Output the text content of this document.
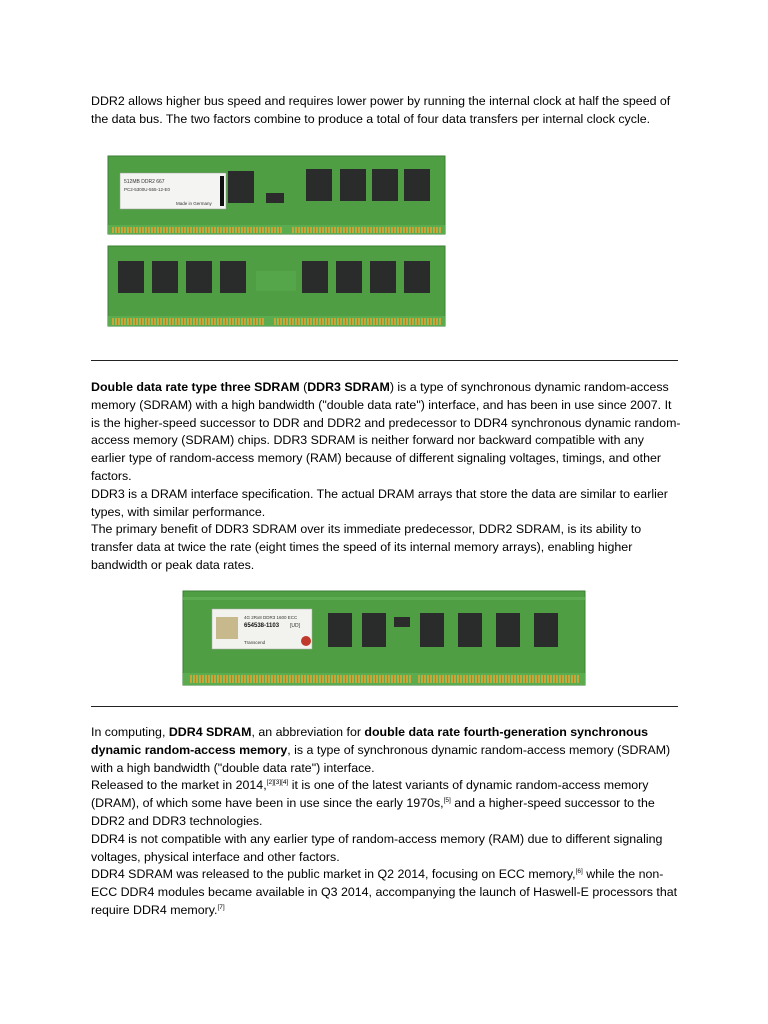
DDR2 allows higher bus speed and requires lower power by running the internal clock at half the speed of the data bus. The two factors combine to produce a total of four data transfers per internal clock cycle.

512MB DDR2 667
PC2-5300U-555-12-E0
Made in Germany

Double data rate type three SDRAM (DDR3 SDRAM) is a type of synchronous dynamic random-access memory (SDRAM) with a high bandwidth ("double data rate") interface, and has been in use since 2007. It is the higher-speed successor to DDR and DDR2 and predecessor to DDR4 synchronous dynamic random-access memory (SDRAM) chips. DDR3 SDRAM is neither forward nor backward compatible with any earlier type of random-access memory (RAM) because of different signaling voltages, timings, and other factors.

DDR3 is a DRAM interface specification. The actual DRAM arrays that store the data are similar to earlier types, with similar performance.

The primary benefit of DDR3 SDRAM over its immediate predecessor, DDR2 SDRAM, is its ability to transfer data at twice the rate (eight times the speed of its internal memory arrays), enabling higher bandwidth or peak data rates.

4G 2Rx8 DDR3 1600 ECC
654538-1103 [UD]
Transcend

In computing, DDR4 SDRAM, an abbreviation for double data rate fourth-generation synchronous dynamic random-access memory, is a type of synchronous dynamic random-access memory (SDRAM) with a high bandwidth ("double data rate") interface.

Released to the market in 2014,[2][3][4] it is one of the latest variants of dynamic random-access memory (DRAM), of which some have been in use since the early 1970s,[5] and a higher-speed successor to the DDR2 and DDR3 technologies.

DDR4 is not compatible with any earlier type of random-access memory (RAM) due to different signaling voltages, physical interface and other factors.

DDR4 SDRAM was released to the public market in Q2 2014, focusing on ECC memory,[6] while the non-ECC DDR4 modules became available in Q3 2014, accompanying the launch of Haswell-E processors that require DDR4 memory.[7]
